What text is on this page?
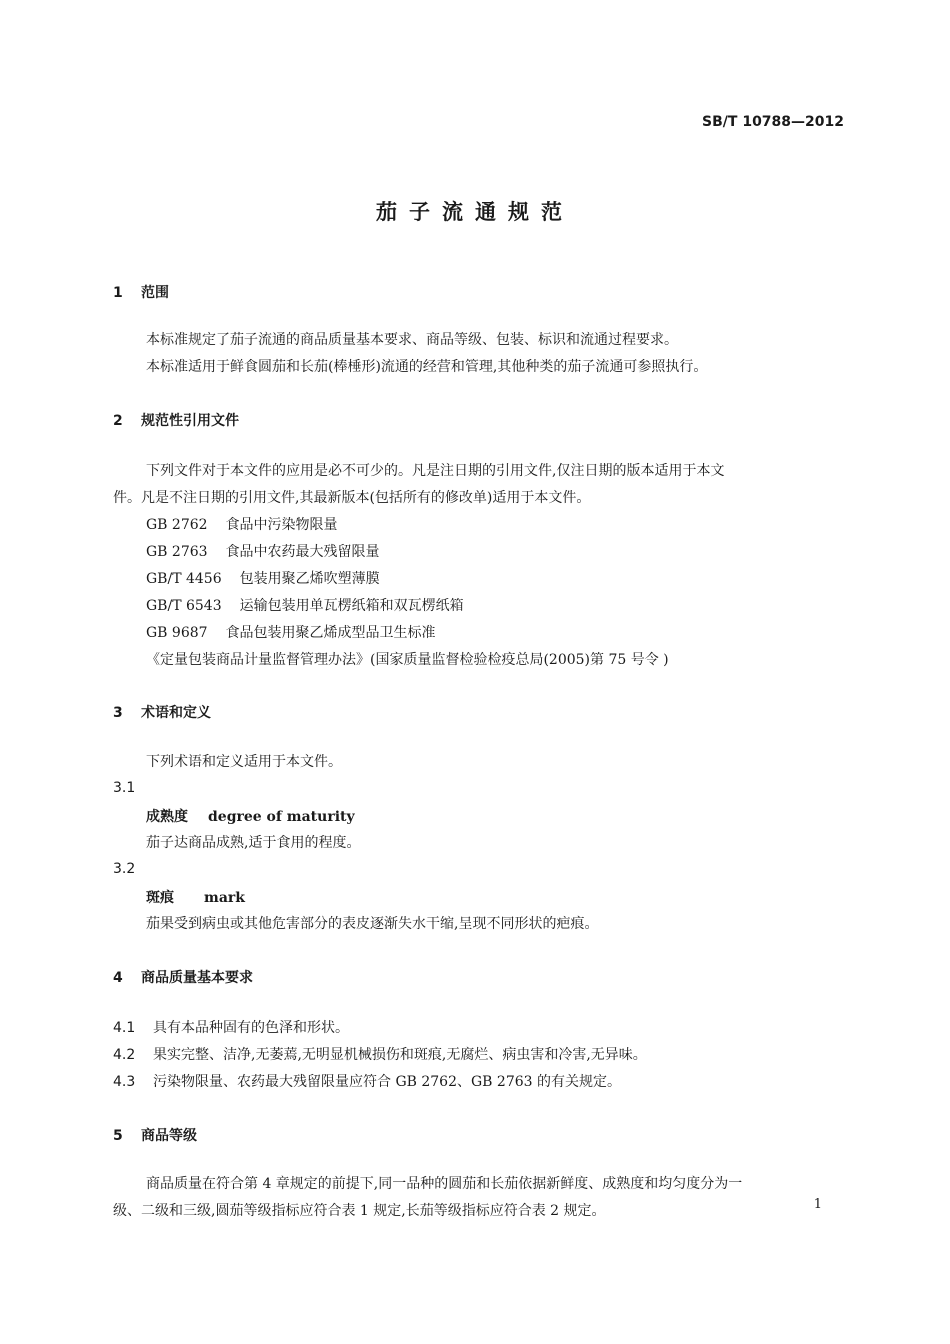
SB/T 10788—2012
茄子流通规范
1 范围
本标准规定了茄子流通的商品质量基本要求、商品等级、包装、标识和流通过程要求。
本标准适用于鲜食圆茄和长茄(棒棰形)流通的经营和管理,其他种类的茄子流通可参照执行。
2 规范性引用文件
下列文件对于本文件的应用是必不可少的。凡是注日期的引用文件,仅注日期的版本适用于本文
件。凡是不注日期的引用文件,其最新版本(包括所有的修改单)适用于本文件。
GB 2762 食品中污染物限量
GB 2763 食品中农药最大残留限量
GB/T 4456 包装用聚乙烯吹塑薄膜
GB/T 6543 运输包装用单瓦楞纸箱和双瓦楞纸箱
GB 9687 食品包装用聚乙烯成型品卫生标准
《定量包装商品计量监督管理办法》(国家质量监督检验检疫总局(2005)第 75 号令 )
3 术语和定义
下列术语和定义适用于本文件。
3.1
成熟度 degree of maturity
茄子达商品成熟,适于食用的程度。
3.2
斑痕 mark
茄果受到病虫或其他危害部分的表皮逐渐失水干缩,呈现不同形状的疤痕。
4 商品质量基本要求
4.1 具有本品种固有的色泽和形状。
4.2 果实完整、洁净,无萎蔫,无明显机械损伤和斑痕,无腐烂、病虫害和冷害,无异味。
4.3 污染物限量、农药最大残留限量应符合 GB 2762、GB 2763 的有关规定。
5 商品等级
商品质量在符合第 4 章规定的前提下,同一品种的圆茄和长茄依据新鲜度、成熟度和均匀度分为一
级、二级和三级,圆茄等级指标应符合表 1 规定,长茄等级指标应符合表 2 规定。	1
